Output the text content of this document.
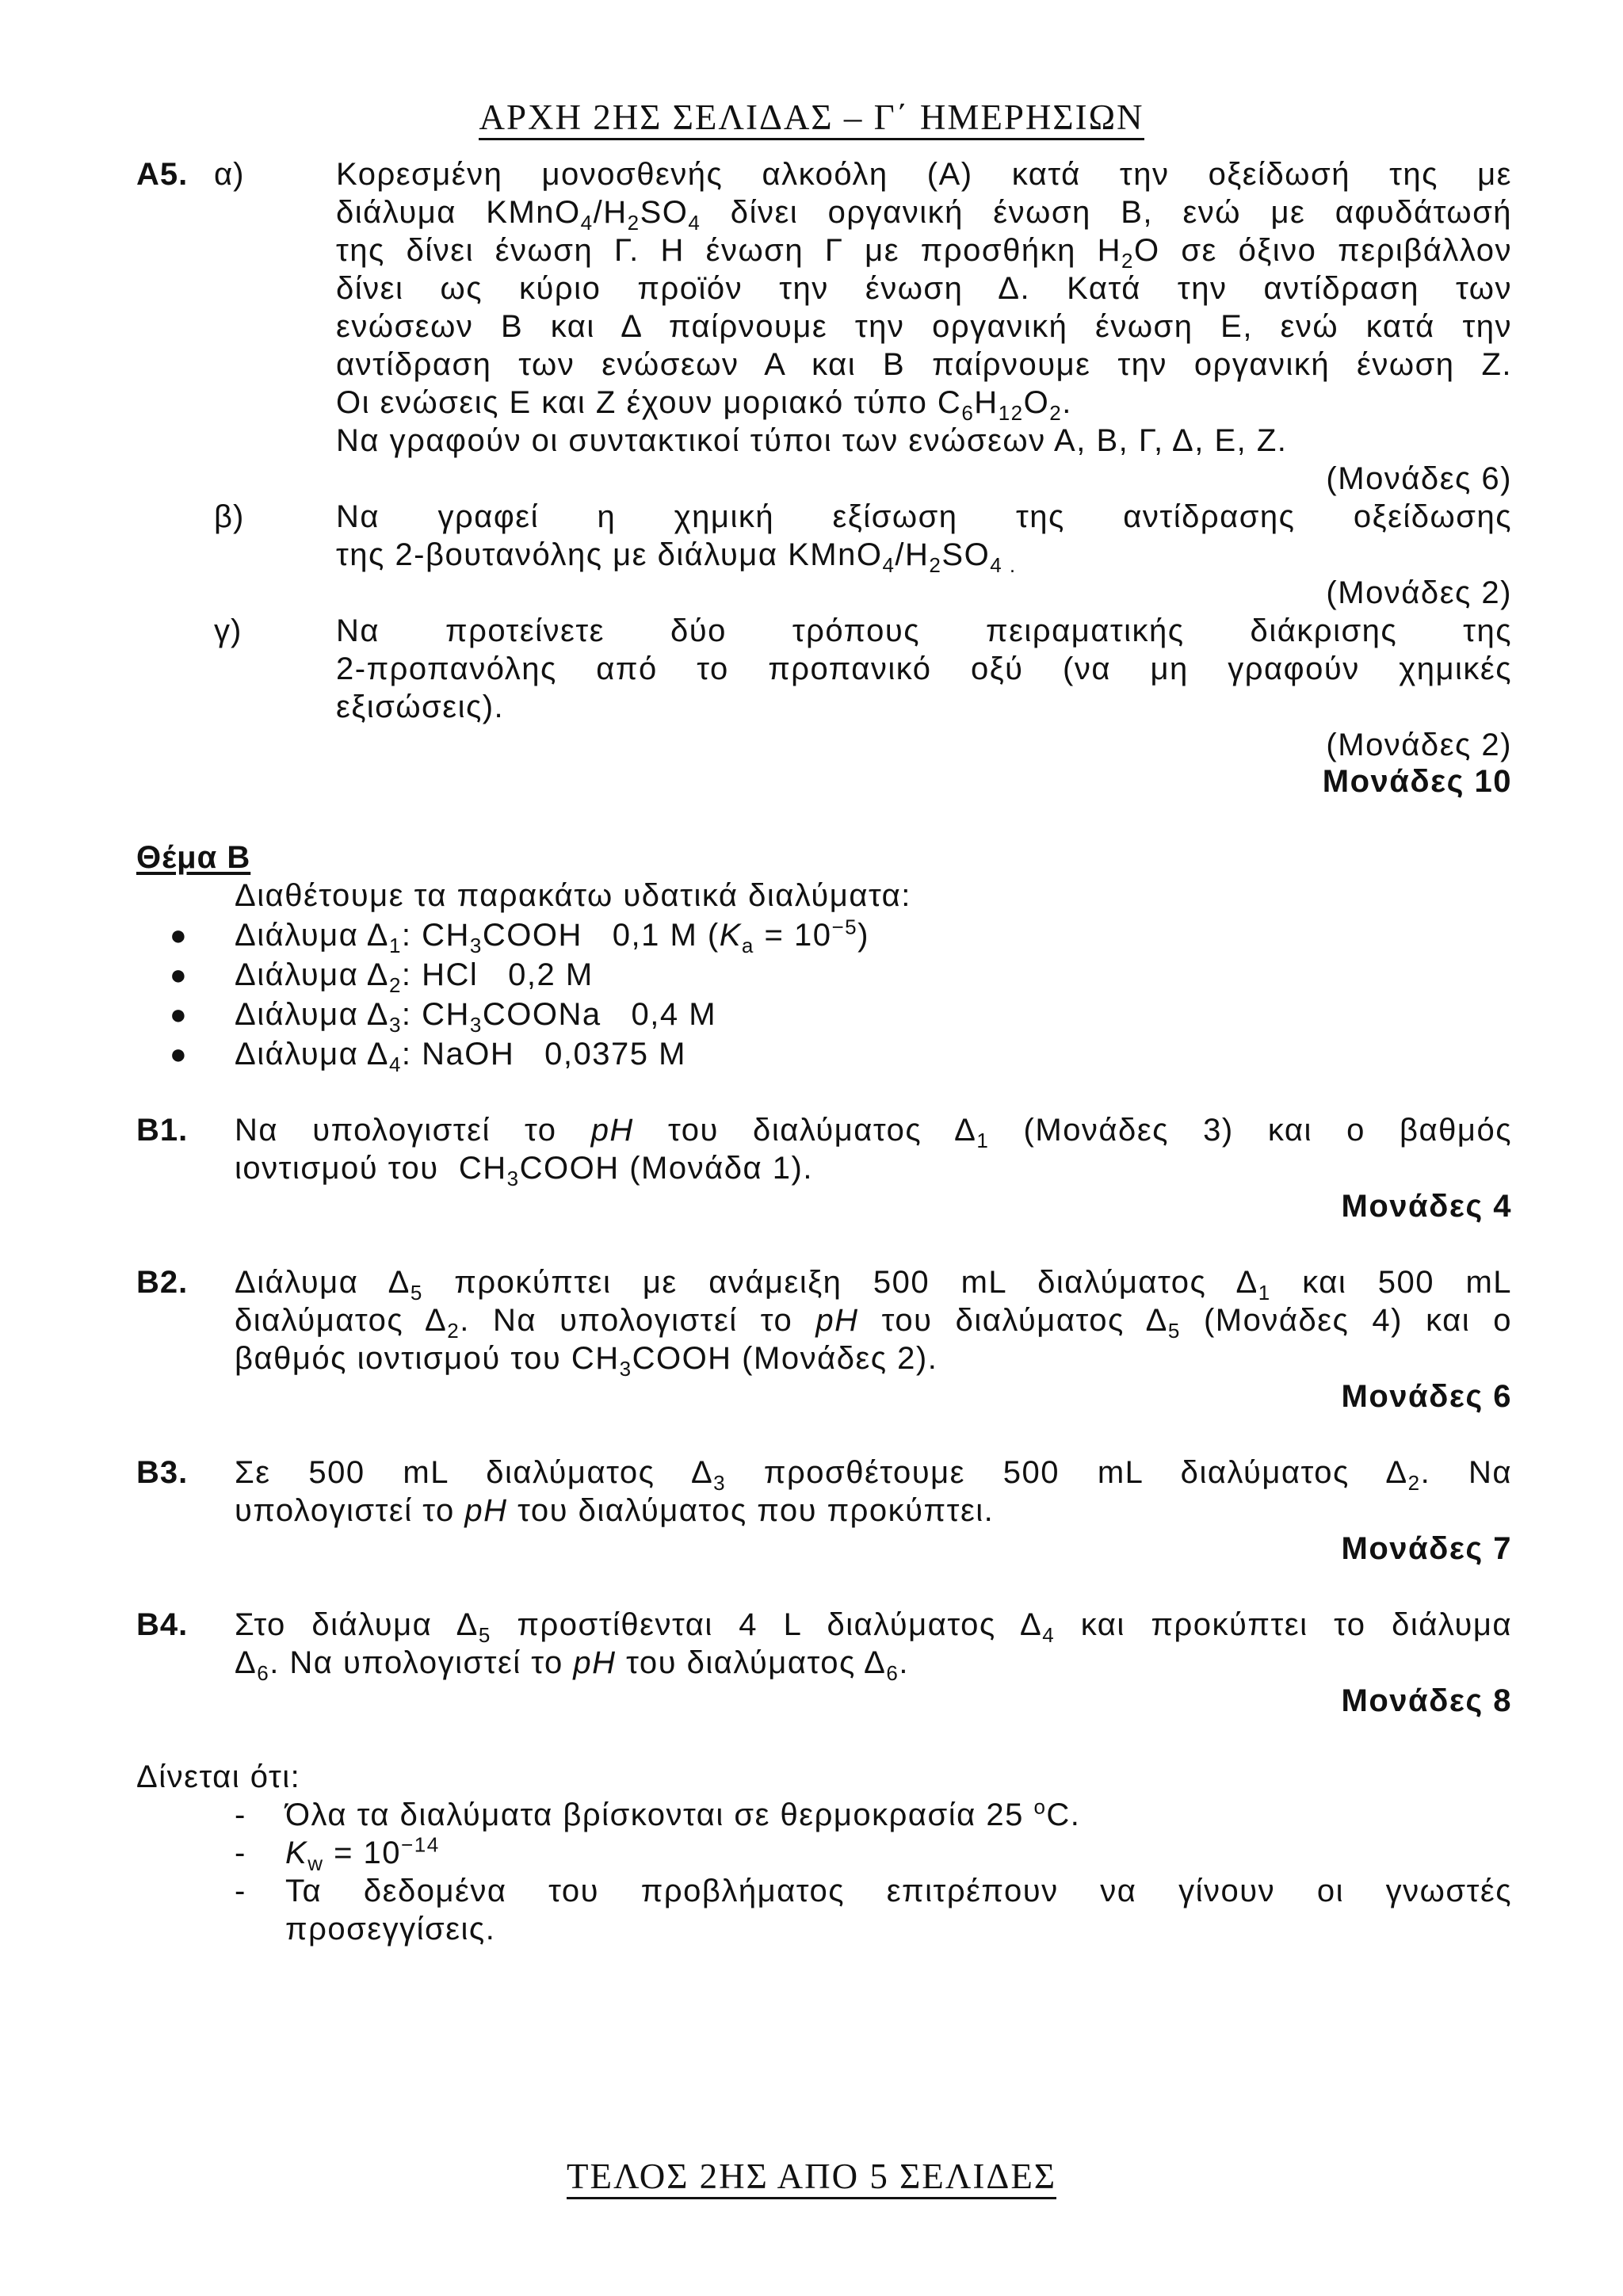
ΑΡΧΗ 2ΗΣ ΣΕΛΙΔΑΣ – Γ΄ ΗΜΕΡΗΣΙΩΝ
Α5. α)	Κορεσμένη μονοσθενής αλκοόλη (Α) κατά την οξείδωσή της με
διάλυμα $KMnO_4/H_2SO_4$ δίνει οργανική ένωση Β, ενώ με αφυδάτωσή
της δίνει ένωση Γ. Η ένωση Γ με προσθήκη $H_2O$ σε όξινο περιβάλλον
δίνει ως κύριο προϊόν την ένωση Δ. Κατά την αντίδραση των
ενώσεων Β και Δ παίρνουμε την οργανική ένωση Ε, ενώ κατά την
αντίδραση των ενώσεων Α και Β παίρνουμε την οργανική ένωση Ζ.
Οι ενώσεις Ε και Ζ έχουν μοριακό τύπο $C_6H_{12}O_2$.
Να γραφούν οι συντακτικοί τύποι των ενώσεων Α, Β, Γ, Δ, Ε, Ζ.
(Μονάδες 6)
β)	Να γραφεί η χημική εξίσωση της αντίδρασης οξείδωσης
της 2-βουτανόλης με διάλυμα $KMnO_4/H_2SO_{4 .}$
(Μονάδες 2)
γ)	Να προτείνετε δύο τρόπους πειραματικής διάκρισης της
2-προπανόλης από το προπανικό οξύ (να μη γραφούν χημικές
εξισώσεις).
(Μονάδες 2)
Μονάδες 10
Θέμα Β
Διαθέτουμε τα παρακάτω υδατικά διαλύματα:
● Διάλυμα $\Delta_1$: $CH_3COOH$   0,1 Μ $(K_a = 10^{-5})$
● Διάλυμα $\Delta_2$: HCl   0,2 Μ
● Διάλυμα $\Delta_3$: $CH_3COONa$   0,4 Μ
● Διάλυμα $\Delta_4$: NaOH   0,0375 Μ
Β1. Να υπολογιστεί το pH του διαλύματος $\Delta_1$ (Μονάδες 3) και ο βαθμός
ιοντισμού του  $CH_3COOH$ (Μονάδα 1).
Μονάδες 4
Β2. Διάλυμα $\Delta_5$ προκύπτει με ανάμειξη 500 mL διαλύματος $\Delta_1$ και 500 mL
διαλύματος $\Delta_2$. Να υπολογιστεί το pH του διαλύματος $\Delta_5$ (Μονάδες 4) και ο
βαθμός ιοντισμού του $CH_3COOH$ (Μονάδες 2).
Μονάδες 6
Β3. Σε 500 mL διαλύματος $\Delta_3$ προσθέτουμε 500 mL διαλύματος $\Delta_2$. Να
υπολογιστεί το pH του διαλύματος που προκύπτει.
Μονάδες 7
Β4. Στο διάλυμα $\Delta_5$ προστίθενται 4 L διαλύματος $\Delta_4$ και προκύπτει το διάλυμα
$\Delta_6$. Να υπολογιστεί το pH του διαλύματος $\Delta_6$.
Μονάδες 8
Δίνεται ότι:
- Όλα τα διαλύματα βρίσκονται σε θερμοκρασία 25 $^o$C.
- $K_w = 10^{-14}$
- Τα δεδομένα του προβλήματος επιτρέπουν να γίνουν οι γνωστές
προσεγγίσεις.
ΤΕΛΟΣ 2ΗΣ ΑΠΟ 5 ΣΕΛΙΔΕΣ
